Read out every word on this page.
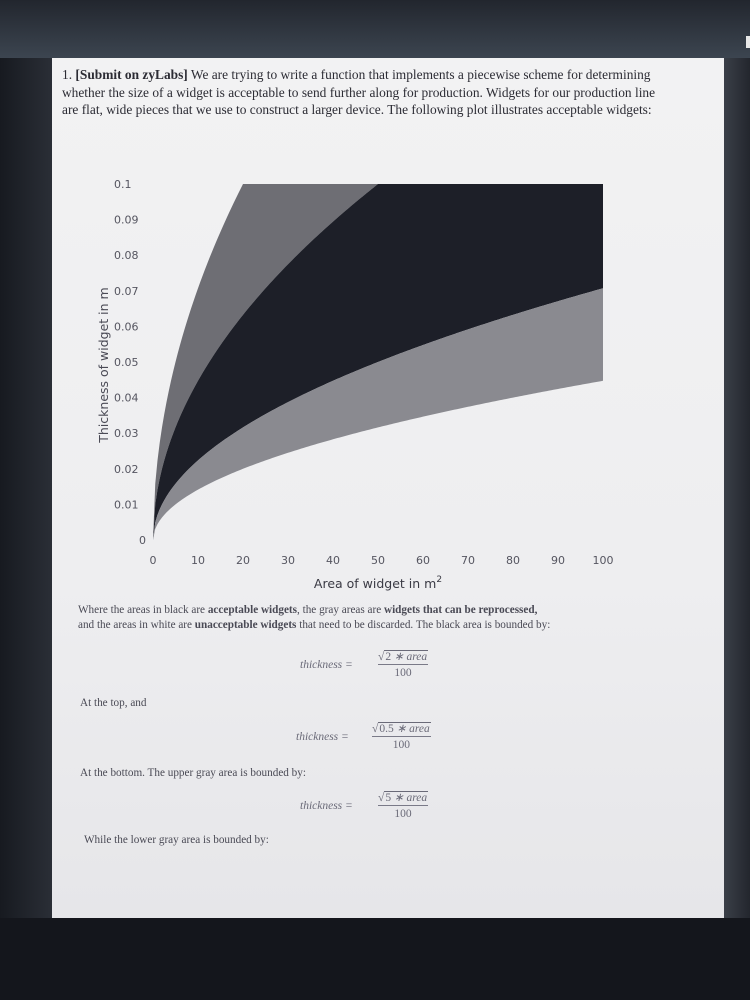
1. [Submit on zyLabs] We are trying to write a function that implements a piecewise scheme for determining whether the size of a widget is acceptable to send further along for production. Widgets for our production line are flat, wide pieces that we use to construct a larger device. The following plot illustrates acceptable widgets:

0
0.01
0.02
0.03
0.04
0.05
0.06
0.07
0.08
0.09
0.1
0	10	20	30	40	50	60	70	80	90	100
Area of widget in $m^2$
Thickness of widget in m

Where the areas in black are acceptable widgets, the gray areas are widgets that can be reprocessed,
and the areas in white are unacceptable widgets that need to be discarded. The black area is bounded by:

thickness =
√2 ∗ area
100

At the top, and

thickness =
√0.5 ∗ area
100

At the bottom. The upper gray area is bounded by:

thickness =
√5 ∗ area
100

While the lower gray area is bounded by:
